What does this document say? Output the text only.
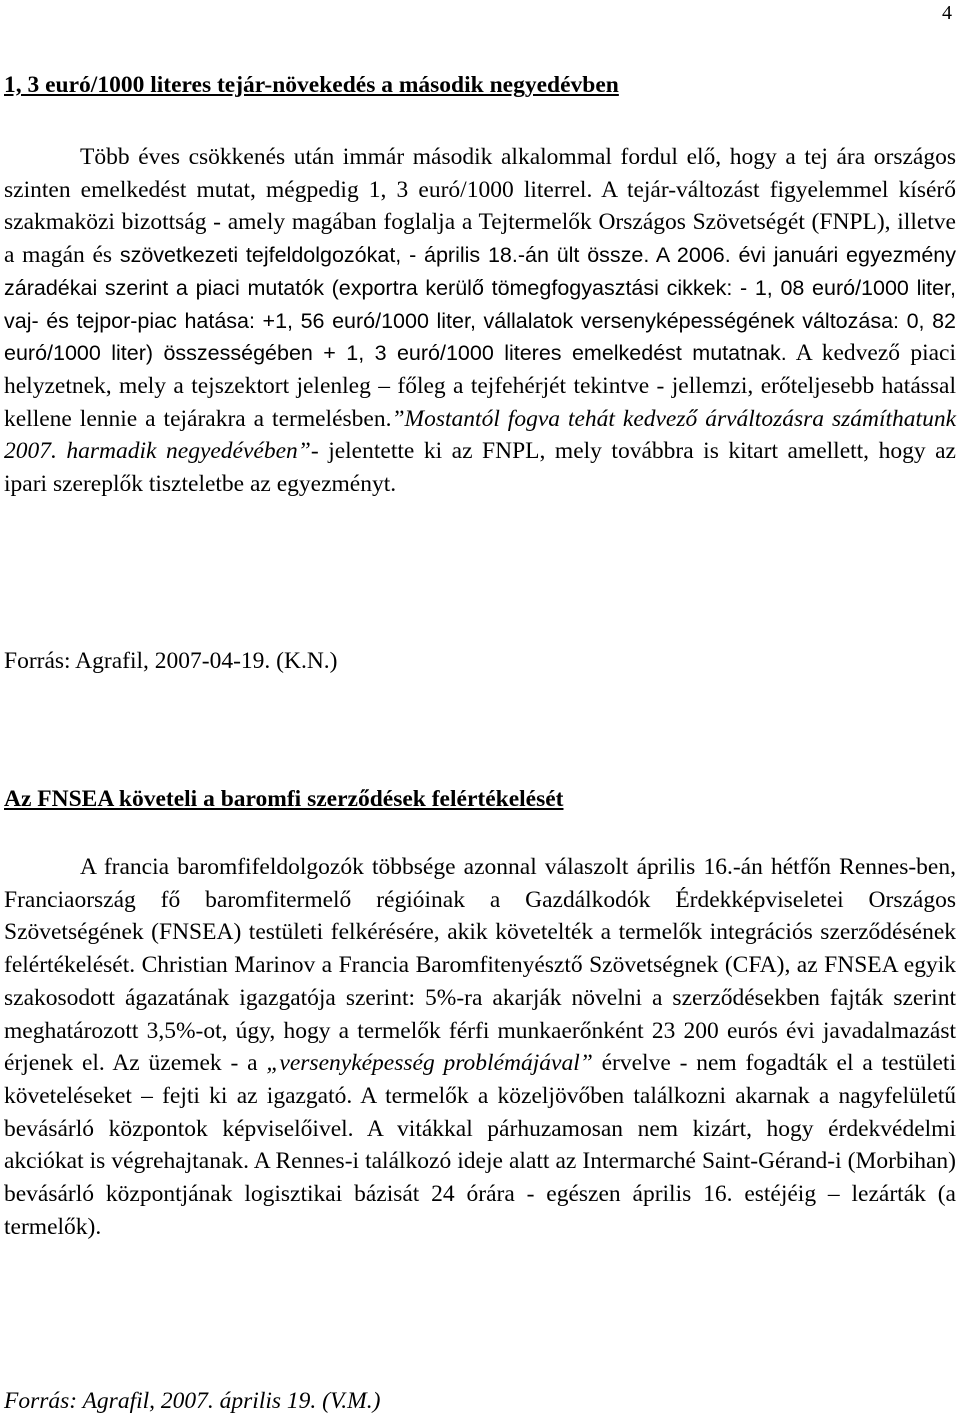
4
1, 3 euró/1000 literes tejár-növekedés a második negyedévben

Több éves csökkenés után immár második alkalommal fordul elő, hogy a tej ára országos szinten emelkedést mutat, mégpedig 1, 3 euró/1000 literrel. A tejár-változást figyelemmel kísérő szakmaközi bizottság - amely magában foglalja a Tejtermelők Országos Szövetségét (FNPL), illetve a magán és szövetkezeti tejfeldolgozókat, - április 18.-án ült össze. A 2006. évi januári egyezmény záradékai szerint a piaci mutatók (exportra kerülő tömegfogyasztási cikkek: - 1, 08 euró/1000 liter, vaj- és tejpor-piac hatása: +1, 56 euró/1000 liter, vállalatok versenyképességének változása: 0, 82 euró/1000 liter) összességében + 1, 3 euró/1000 literes emelkedést mutatnak. A kedvező piaci helyzetnek, mely a tejszektort jelenleg – főleg a tejfehérjét tekintve - jellemzi, erőteljesebb hatással kellene lennie a tejárakra a termelésben.”Mostantól fogva tehát kedvező árváltozásra számíthatunk 2007. harmadik negyedévében”- jelentette ki az FNPL, mely továbbra is kitart amellett, hogy az ipari szereplők tiszteletbe az egyezményt.

Forrás: Agrafil, 2007-04-19. (K.N.)

Az FNSEA követeli a baromfi szerződések felértékelését

A francia baromfifeldolgozók többsége azonnal válaszolt április 16.-án hétfőn Rennes-ben, Franciaország fő baromfitermelő régióinak a Gazdálkodók Érdekképviseletei Országos Szövetségének (FNSEA) testületi felkérésére, akik követelték a termelők integrációs szerződésének felértékelését. Christian Marinov a Francia Baromfitenyésztő Szövetségnek (CFA), az FNSEA egyik szakosodott ágazatának igazgatója szerint: 5%-ra akarják növelni a szerződésekben fajták szerint meghatározott 3,5%-ot, úgy, hogy a termelők férfi munkaerőnként 23 200 eurós évi javadalmazást érjenek el. Az üzemek - a „versenyképesség problémájával” érvelve - nem fogadták el a testületi követeléseket – fejti ki az igazgató. A termelők a közeljövőben találkozni akarnak a nagyfelületű bevásárló központok képviselőivel. A vitákkal párhuzamosan nem kizárt, hogy érdekvédelmi akciókat is végrehajtanak. A Rennes-i találkozó ideje alatt az Intermarché Saint-Gérand-i (Morbihan) bevásárló központjának logisztikai bázisát 24 órára - egészen április 16. estéjéig – lezárták (a termelők).

Forrás: Agrafil, 2007. április 19. (V.M.)
